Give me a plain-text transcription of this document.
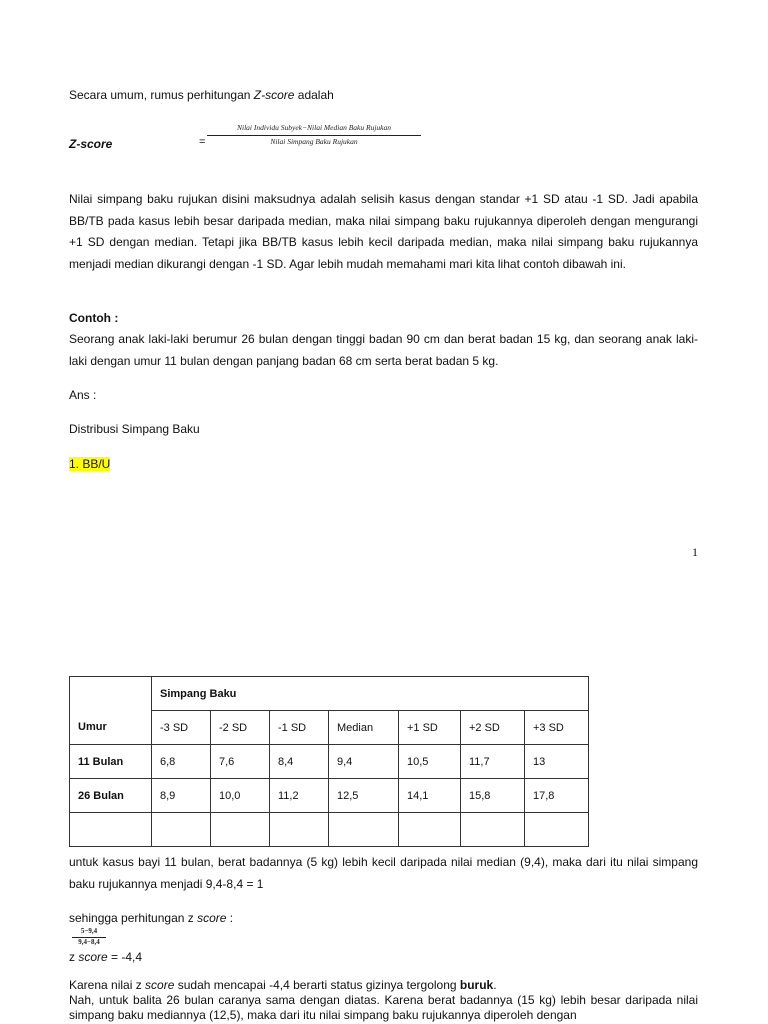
Secara umum, rumus perhitungan Z-score adalah
Z-score	=
Nilai Individu Subyek−Nilai Median Baku Rujukan
Nilai Simpang Baku Rujukan
Nilai simpang baku rujukan disini maksudnya adalah selisih kasus dengan standar +1 SD atau -1 SD. Jadi apabila BB/TB pada kasus lebih besar daripada median, maka nilai simpang baku rujukannya diperoleh dengan mengurangi +1 SD dengan median. Tetapi jika BB/TB kasus lebih kecil daripada median, maka nilai simpang baku rujukannya menjadi median dikurangi dengan -1 SD. Agar lebih mudah memahami mari kita lihat contoh dibawah ini.
Contoh :
Seorang anak laki-laki berumur 26 bulan dengan tinggi badan 90 cm dan berat badan 15 kg, dan seorang anak laki-laki dengan umur 11 bulan dengan panjang badan 68 cm serta berat badan 5 kg.
Ans :
Distribusi Simpang Baku
1. BB/U
1
	Simpang Baku						
Umur	-3 SD	-2 SD	-1 SD	Median	+1 SD	+2 SD	+3 SD
11 Bulan	6,8	7,6	8,4	9,4	10,5	11,7	13
26 Bulan	8,9	10,0	11,2	12,5	14,1	15,8	17,8

untuk kasus bayi 11 bulan, berat badannya (5 kg) lebih kecil daripada nilai median (9,4), maka dari itu nilai simpang baku rujukannya menjadi 9,4-8,4 = 1
sehingga perhitungan z score :
5−9,4
9,4−8,4
z score = -4,4
Karena nilai z score sudah mencapai -4,4 berarti status gizinya tergolong buruk.
Nah, untuk balita 26 bulan caranya sama dengan diatas. Karena berat badannya (15 kg) lebih besar daripada nilai simpang baku mediannya (12,5), maka dari itu nilai simpang baku rujukannya diperoleh dengan
